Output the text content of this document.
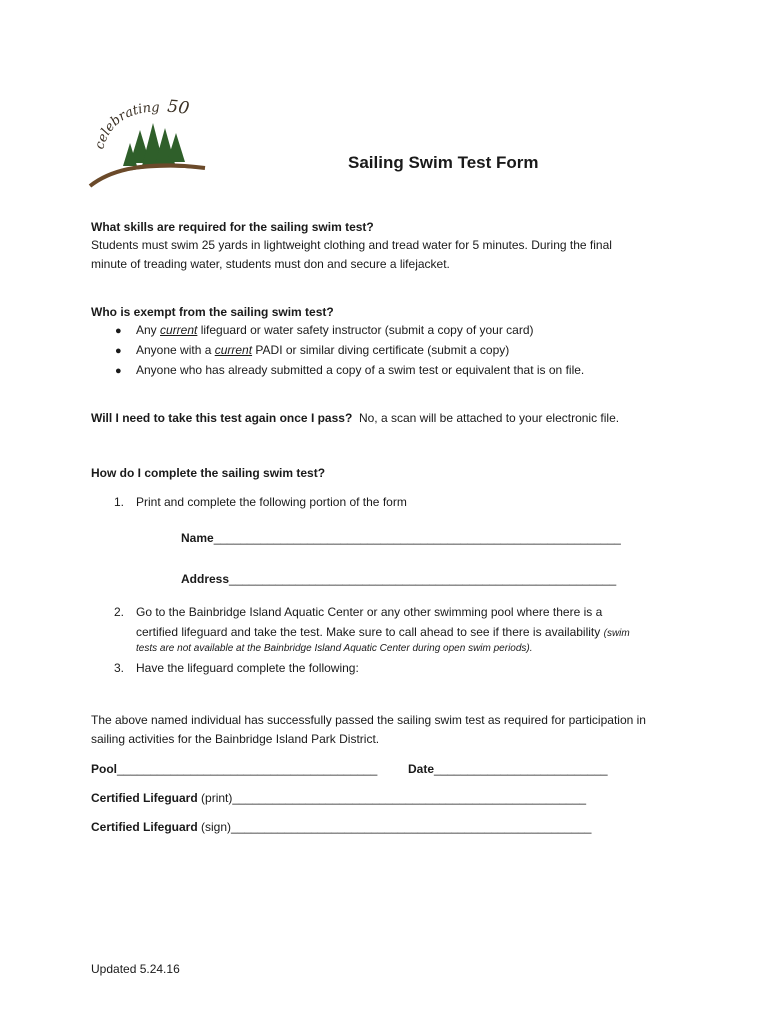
celebrating 50
Sailing Swim Test Form
What skills are required for the sailing swim test?
Students must swim 25 yards in lightweight clothing and tread water for 5 minutes. During the final
minute of treading water, students must don and secure a lifejacket.
Who is exempt from the sailing swim test?
● Any current lifeguard or water safety instructor (submit a copy of your card)
● Anyone with a current PADI or similar diving certificate (submit a copy)
● Anyone who has already submitted a copy of a swim test or equivalent that is on file.
Will I need to take this test again once I pass? No, a scan will be attached to your electronic file.
How do I complete the sailing swim test?
1. Print and complete the following portion of the form
Name_____________________________________________________________
Address__________________________________________________________
2. Go to the Bainbridge Island Aquatic Center or any other swimming pool where there is a
certified lifeguard and take the test. Make sure to call ahead to see if there is availability (swim
tests are not available at the Bainbridge Island Aquatic Center during open swim periods).
3. Have the lifeguard complete the following:
The above named individual has successfully passed the sailing swim test as required for participation in
sailing activities for the Bainbridge Island Park District.
Pool_______________________________________	Date__________________________
Certified Lifeguard (print)_____________________________________________________
Certified Lifeguard (sign)______________________________________________________
Updated 5.24.16
